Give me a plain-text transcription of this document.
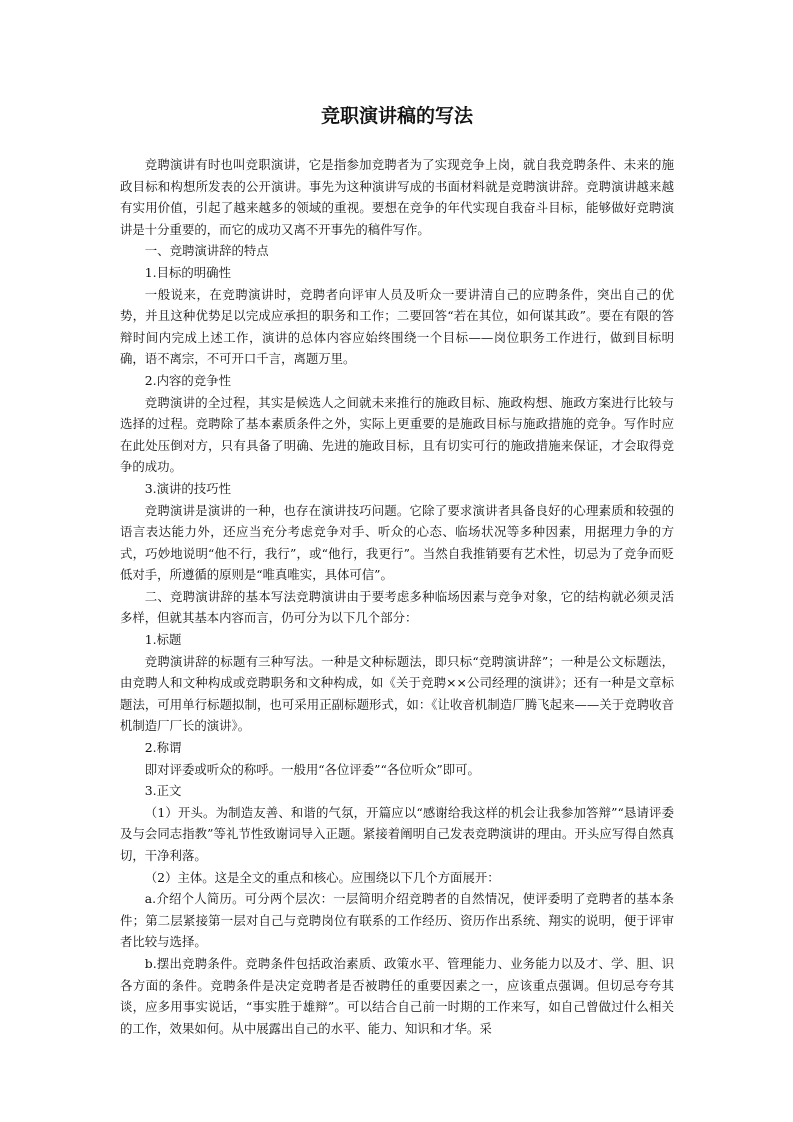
竞职演讲稿的写法

竞聘演讲有时也叫竞职演讲，它是指参加竞聘者为了实现竞争上岗，就自我竞聘条件、未来的施政目标和构想所发表的公开演讲。事先为这种演讲写成的书面材料就是竞聘演讲辞。竞聘演讲越来越有实用价值，引起了越来越多的领域的重视。要想在竞争的年代实现自我奋斗目标，能够做好竞聘演讲是十分重要的，而它的成功又离不开事先的稿件写作。

一、竞聘演讲辞的特点

1.目标的明确性

一般说来，在竞聘演讲时，竞聘者向评审人员及听众一要讲清自己的应聘条件，突出自己的优势，并且这种优势足以完成应承担的职务和工作；二要回答“若在其位，如何谋其政”。要在有限的答辩时间内完成上述工作，演讲的总体内容应始终围绕一个目标——岗位职务工作进行，做到目标明确，语不离宗，不可开口千言，离题万里。

2.内容的竞争性

竞聘演讲的全过程，其实是候选人之间就未来推行的施政目标、施政构想、施政方案进行比较与选择的过程。竞聘除了基本素质条件之外，实际上更重要的是施政目标与施政措施的竞争。写作时应在此处压倒对方，只有具备了明确、先进的施政目标，且有切实可行的施政措施来保证，才会取得竞争的成功。

3.演讲的技巧性

竞聘演讲是演讲的一种，也存在演讲技巧问题。它除了要求演讲者具备良好的心理素质和较强的语言表达能力外，还应当充分考虑竞争对手、听众的心态、临场状况等多种因素，用据理力争的方式，巧妙地说明“他不行，我行”，或“他行，我更行”。当然自我推销要有艺术性，切忌为了竞争而贬低对手，所遵循的原则是“唯真唯实，具体可信”。

二、竞聘演讲辞的基本写法竞聘演讲由于要考虑多种临场因素与竞争对象，它的结构就必须灵活多样，但就其基本内容而言，仍可分为以下几个部分：

1.标题

竞聘演讲辞的标题有三种写法。一种是文种标题法，即只标“竞聘演讲辞”；一种是公文标题法，由竞聘人和文种构成或竞聘职务和文种构成，如《关于竞聘××公司经理的演讲》；还有一种是文章标题法，可用单行标题拟制，也可采用正副标题形式，如：《让收音机制造厂腾飞起来——关于竞聘收音机制造厂厂长的演讲》。

2.称谓

即对评委或听众的称呼。一般用“各位评委”“各位听众”即可。

3.正文

（1）开头。为制造友善、和谐的气氛，开篇应以“感谢给我这样的机会让我参加答辩”“恳请评委及与会同志指教”等礼节性致谢词导入正题。紧接着阐明自己发表竞聘演讲的理由。开头应写得自然真切，干净利落。

（2）主体。这是全文的重点和核心。应围绕以下几个方面展开：

a.介绍个人简历。可分两个层次：一层简明介绍竞聘者的自然情况，使评委明了竞聘者的基本条件；第二层紧接第一层对自己与竞聘岗位有联系的工作经历、资历作出系统、翔实的说明，便于评审者比较与选择。

b.摆出竞聘条件。竞聘条件包括政治素质、政策水平、管理能力、业务能力以及才、学、胆、识各方面的条件。竞聘条件是决定竞聘者是否被聘任的重要因素之一，应该重点强调。但切忌夸夸其谈，应多用事实说话，“事实胜于雄辩”。可以结合自己前一时期的工作来写，如自己曾做过什么相关的工作，效果如何。从中展露出自己的水平、能力、知识和才华。采
